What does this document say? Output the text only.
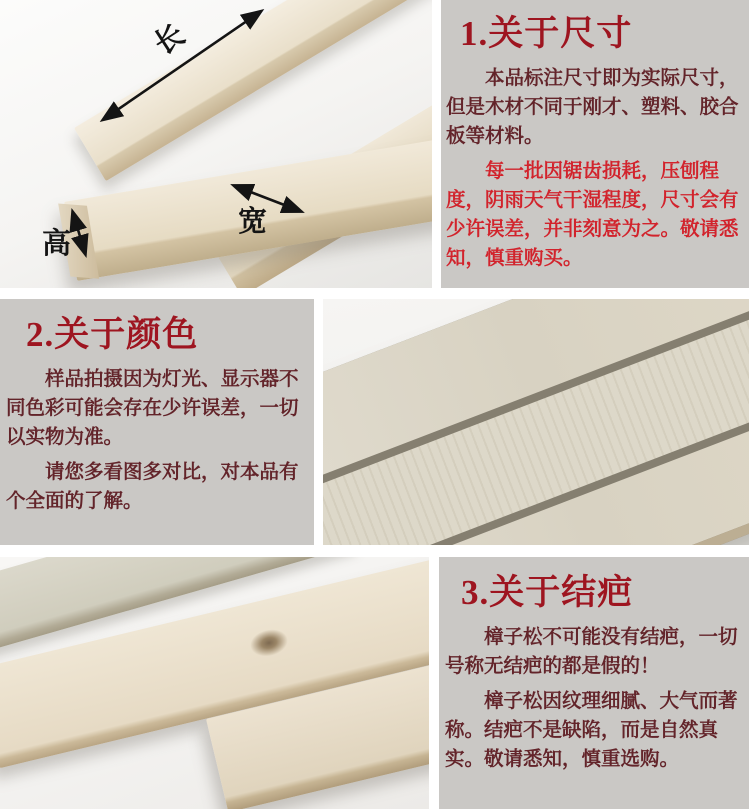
长
宽
高
1.关于尺寸

本品标注尺寸即为实际尺寸，但是木材不同于刚才、塑料、胶合板等材料。

每一批因锯齿损耗，压刨程度，阴雨天气干湿程度，尺寸会有少许误差，并非刻意为之。敬请悉知，慎重购买。

2.关于颜色

样品拍摄因为灯光、显示器不同色彩可能会存在少许误差，一切以实物为准。

请您多看图多对比，对本品有个全面的了解。

3.关于结疤

樟子松不可能没有结疤，一切号称无结疤的都是假的！

樟子松因纹理细腻、大气而著称。结疤不是缺陷，而是自然真实。敬请悉知，慎重选购。
